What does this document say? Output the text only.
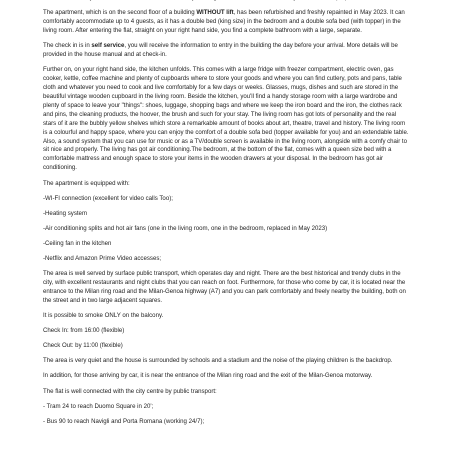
The apartment, which is on the second floor of a building WITHOUT lift, has been refurbished and freshly repainted in May 2023. It can comfortably accommodate up to 4 guests, as it has a double bed (king size) in the bedroom and a double sofa bed (with topper) in the living room. After entering the flat, straight on your right hand side, you find a complete bathroom with a large, separate.
The check in is in self service, you will receive the information to entry in the building the day before your arrival. More details will be provided in the house manual and at check-in.
Further on, on your right hand side, the kitchen unfolds. This comes with a large fridge with freezer compartment, electric oven, gas cooker, kettle, coffee machine and plenty of cupboards where to store your goods and where you can find cutlery, pots and pans, table cloth and whatever you need to cook and live comfortably for a few days or weeks. Glasses, mugs, dishes and such are stored in the beautiful vintage wooden cupboard in the living room. Beside the kitchen, you'll find a handy storage room with a large wardrobe and plenty of space to leave your "things": shoes, luggage, shopping bags and where we keep the iron board and the iron, the clothes rack and pins, the cleaning products, the hoover, the brush and such for your stay. The living room has got lots of personality and the real stars of it are the bubbly yellow shelves which store a remarkable amount of books about art, theatre, travel and history. The living room is a colourful and happy space, where you can enjoy the comfort of a double sofa bed (topper available for you) and an extendable table. Also, a sound system that you can use for music or as a TV/double screen is available in the living room, alongside with a comfy chair to sit nice and properly. The living has got air conditioning.The bedroom, at the bottom of the flat, comes with a queen size bed with a comfortable mattress and enough space to store your items in the wooden drawers at your disposal. In the bedroom has got air conditioning.
The apartment is equipped with:
-WI-FI connection (excellent for video calls Too);
-Heating system
-Air conditioning splits and hot air fans (one in the living room, one in the bedroom, replaced in May 2023)
-Ceiling fan in the kitchen
-Netflix and Amazon Prime Video accesses;
The area is well served by surface public transport, which operates day and night. There are the best historical and trendy clubs in the city, with excellent restaurants and night clubs that you can reach on foot. Furthermore, for those who come by car, it is located near the entrance to the Milan ring road and the Milan-Genoa highway (A7) and you can park comfortably and freely nearby the building, both on the street and in two large adjacent squares.
It is possible to smoke ONLY on the balcony.
Check In: from 16:00 (flexible)
Check Out: by 11:00 (flexible)
The area is very quiet and the house is surrounded by schools and a stadium and the noise of the playing children is the backdrop.
In addition, for those arriving by car, it is near the entrance of the Milan ring road and the exit of the Milan-Genoa motorway.
The flat is well connected with the city centre by public transport:
- Tram 24 to reach Duomo Square in 20';
- Bus 90 to reach Navigli and Porta Romana (working 24/7);
